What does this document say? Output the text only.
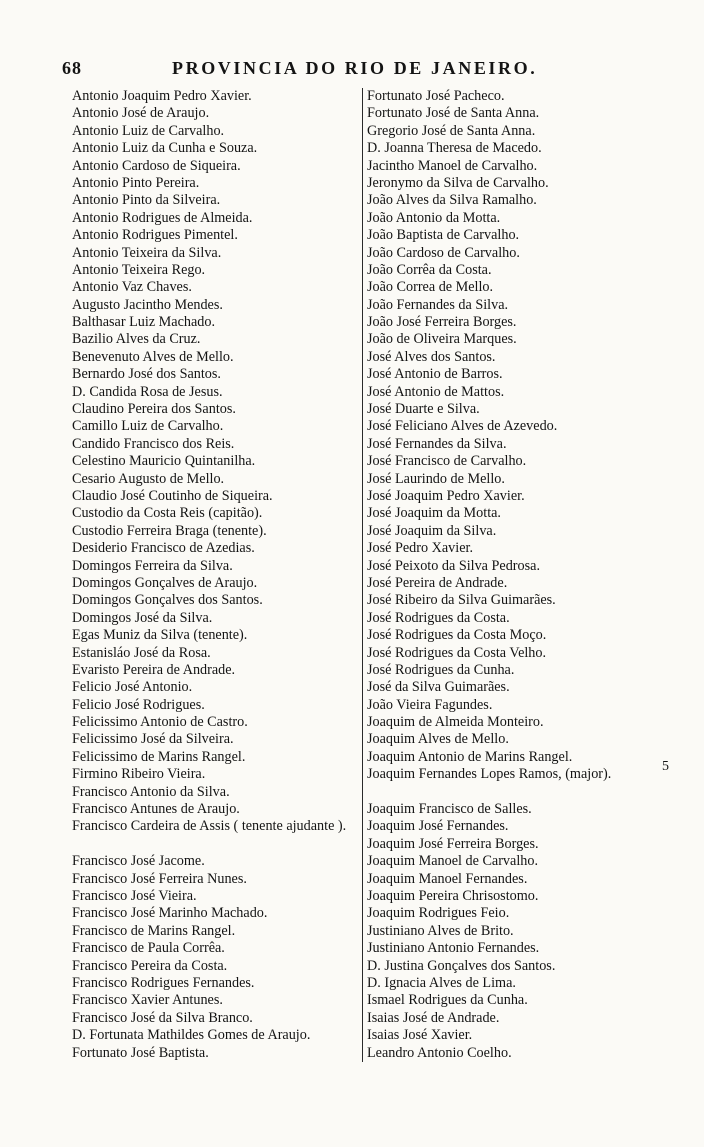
68	PROVINCIA DO RIO DE JANEIRO.
Antonio Joaquim Pedro Xavier.
Antonio José de Araujo.
Antonio Luiz de Carvalho.
Antonio Luiz da Cunha e Souza.
Antonio Cardoso de Siqueira.
Antonio Pinto Pereira.
Antonio Pinto da Silveira.
Antonio Rodrigues de Almeida.
Antonio Rodrigues Pimentel.
Antonio Teixeira da Silva.
Antonio Teixeira Rego.
Antonio Vaz Chaves.
Augusto Jacintho Mendes.
Balthasar Luiz Machado.
Bazilio Alves da Cruz.
Benevenuto Alves de Mello.
Bernardo José dos Santos.
D. Candida Rosa de Jesus.
Claudino Pereira dos Santos.
Camillo Luiz de Carvalho.
Candido Francisco dos Reis.
Celestino Mauricio Quintanilha.
Cesario Augusto de Mello.
Claudio José Coutinho de Siqueira.
Custodio da Costa Reis (capitão).
Custodio Ferreira Braga (tenente).
Desiderio Francisco de Azedias.
Domingos Ferreira da Silva.
Domingos Gonçalves de Araujo.
Domingos Gonçalves dos Santos.
Domingos José da Silva.
Egas Muniz da Silva (tenente).
Estanisláo José da Rosa.
Evaristo Pereira de Andrade.
Felicio José Antonio.
Felicio José Rodrigues.
Felicissimo Antonio de Castro.
Felicissimo José da Silveira.
Felicissimo de Marins Rangel.
Firmino Ribeiro Vieira.
Francisco Antonio da Silva.
Francisco Antunes de Araujo.
Francisco Cardeira de Assis ( tenente ajudante ).
Francisco José Jacome.
Francisco José Ferreira Nunes.
Francisco José Vieira.
Francisco José Marinho Machado.
Francisco de Marins Rangel.
Francisco de Paula Corrêa.
Francisco Pereira da Costa.
Francisco Rodrigues Fernandes.
Francisco Xavier Antunes.
Francisco José da Silva Branco.
D. Fortunata Mathildes Gomes de Araujo.
Fortunato José Baptista.
Fortunato José Pacheco.
Fortunato José de Santa Anna.
Gregorio José de Santa Anna.
D. Joanna Theresa de Macedo.
Jacintho Manoel de Carvalho.
Jeronymo da Silva de Carvalho.
João Alves da Silva Ramalho.
João Antonio da Motta.
João Baptista de Carvalho.
João Cardoso de Carvalho.
João Corrêa da Costa.
João Correa de Mello.
João Fernandes da Silva.
João José Ferreira Borges.
João de Oliveira Marques.
José Alves dos Santos.
José Antonio de Barros.
José Antonio de Mattos.
José Duarte e Silva.
José Feliciano Alves de Azevedo.
José Fernandes da Silva.
José Francisco de Carvalho.
José Laurindo de Mello.
José Joaquim Pedro Xavier.
José Joaquim da Motta.
José Joaquim da Silva.
José Pedro Xavier.
José Peixoto da Silva Pedrosa.
José Pereira de Andrade.
José Ribeiro da Silva Guimarães.
José Rodrigues da Costa.
José Rodrigues da Costa Moço.
José Rodrigues da Costa Velho.
José Rodrigues da Cunha.
José da Silva Guimarães.
João Vieira Fagundes.
Joaquim de Almeida Monteiro.
Joaquim Alves de Mello.
Joaquim Antonio de Marins Rangel.
Joaquim Fernandes Lopes Ramos, (major).
Joaquim Francisco de Salles.
Joaquim José Fernandes.
Joaquim José Ferreira Borges.
Joaquim Manoel de Carvalho.
Joaquim Manoel Fernandes.
Joaquim Pereira Chrisostomo.
Joaquim Rodrigues Feio.
Justiniano Alves de Brito.
Justiniano Antonio Fernandes.
D. Justina Gonçalves dos Santos.
D. Ignacia Alves de Lima.
Ismael Rodrigues da Cunha.
Isaias José de Andrade.
Isaias José Xavier.
Leandro Antonio Coelho.
5
